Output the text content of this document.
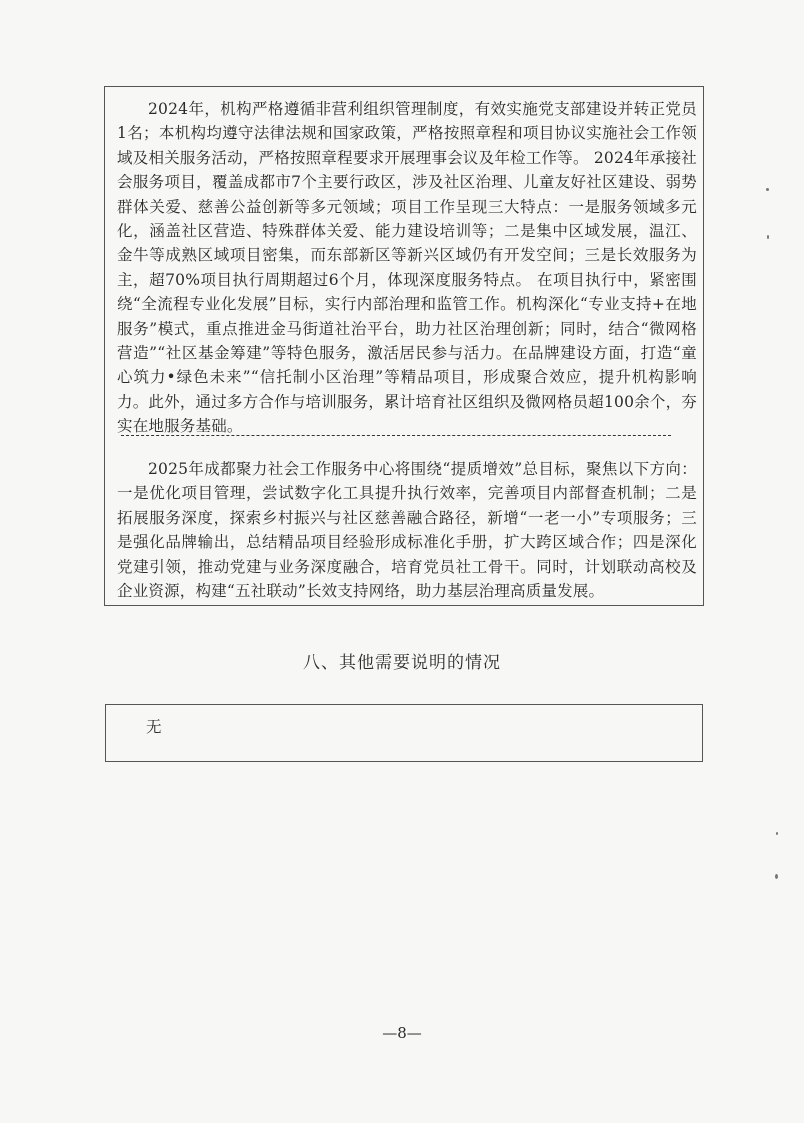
2024年，机构严格遵循非营利组织管理制度，有效实施党支部建设并转正党员1名；本机构均遵守法律法规和国家政策，严格按照章程和项目协议实施社会工作领域及相关服务活动，严格按照章程要求开展理事会议及年检工作等。 2024年承接社会服务项目，覆盖成都市7个主要行政区，涉及社区治理、儿童友好社区建设、弱势群体关爱、慈善公益创新等多元领域；项目工作呈现三大特点：一是服务领域多元化，涵盖社区营造、特殊群体关爱、能力建设培训等；二是集中区域发展，温江、金牛等成熟区域项目密集，而东部新区等新兴区域仍有开发空间；三是长效服务为主，超70%项目执行周期超过6个月，体现深度服务特点。 在项目执行中，紧密围绕“全流程专业化发展”目标，实行内部治理和监管工作。机构深化“专业支持+在地服务”模式，重点推进金马街道社治平台，助力社区治理创新；同时，结合“微网格营造”“社区基金筹建”等特色服务，激活居民参与活力。在品牌建设方面，打造“童心筑力•绿色未来”“信托制小区治理”等精品项目，形成聚合效应，提升机构影响力。此外，通过多方合作与培训服务，累计培育社区组织及微网格员超100余个，夯实在地服务基础。

2025年成都聚力社会工作服务中心将围绕“提质增效”总目标，聚焦以下方向：一是优化项目管理，尝试数字化工具提升执行效率，完善项目内部督查机制；二是拓展服务深度，探索乡村振兴与社区慈善融合路径，新增“一老一小”专项服务；三是强化品牌输出，总结精品项目经验形成标准化手册，扩大跨区域合作；四是深化党建引领，推动党建与业务深度融合，培育党员社工骨干。同时，计划联动高校及企业资源，构建“五社联动”长效支持网络，助力基层治理高质量发展。

八、其他需要说明的情况
无
—8—
